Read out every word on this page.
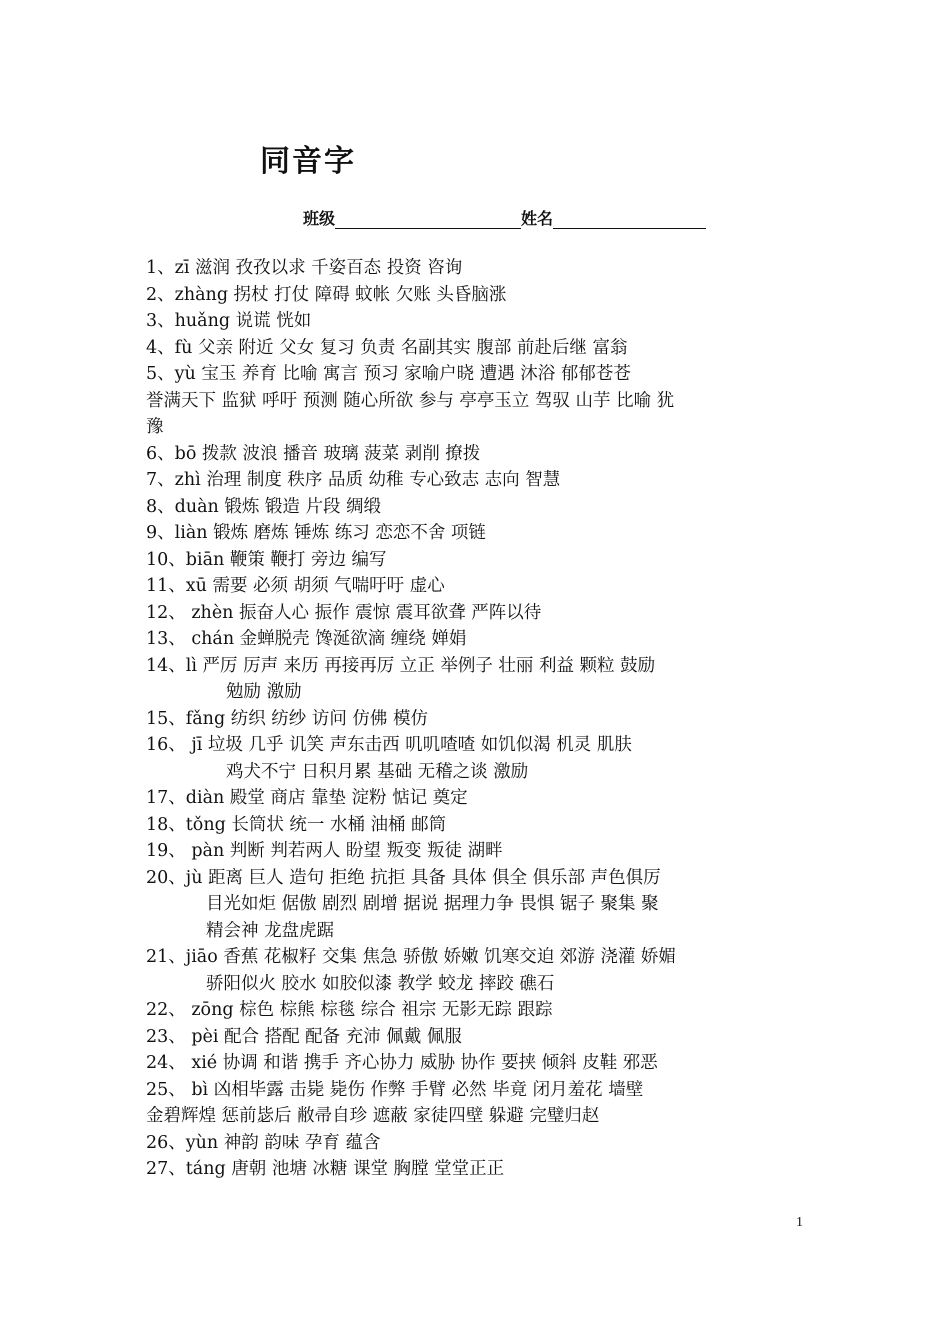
同音字
班级	姓名
1、zī 滋润 孜孜以求 千姿百态 投资 咨询
2、zhàng 拐杖 打仗 障碍 蚊帐 欠账 头昏脑涨
3、huǎng 说谎 恍如
4、fù 父亲 附近 父女 复习 负责 名副其实 腹部 前赴后继 富翁
5、yù 宝玉 养育 比喻 寓言 预习 家喻户晓 遭遇 沐浴 郁郁苍苍
誉满天下 监狱 呼吁 预测 随心所欲 参与 亭亭玉立 驾驭 山芋 比喻 犹
豫
6、bō 拨款 波浪 播音 玻璃 菠菜 剥削 撩拨
7、zhì 治理 制度 秩序 品质 幼稚 专心致志 志向 智慧
8、duàn 锻炼 锻造 片段 绸缎
9、liàn 锻炼 磨炼 锤炼 练习 恋恋不舍 项链
10、biān 鞭策 鞭打 旁边 编写
11、xū 需要 必须 胡须 气喘吁吁 虚心
12、 zhèn 振奋人心 振作 震惊 震耳欲聋 严阵以待
13、 chán 金蝉脱壳 馋涎欲滴 缠绕 婵娟
14、lì 严厉 厉声 来历 再接再厉 立正 举例子 壮丽 利益 颗粒 鼓励
勉励 激励
15、fǎng 纺织 纺纱 访问 仿佛 模仿
16、 jī 垃圾 几乎 讥笑 声东击西 叽叽喳喳 如饥似渴 机灵 肌肤
鸡犬不宁 日积月累 基础 无稽之谈 激励
17、diàn 殿堂 商店 靠垫 淀粉 惦记 奠定
18、tǒng 长筒状 统一 水桶 油桶 邮筒
19、 pàn 判断 判若两人 盼望 叛变 叛徒 湖畔
20、jù 距离 巨人 造句 拒绝 抗拒 具备 具体 俱全 俱乐部 声色俱厉
目光如炬 倨傲 剧烈 剧增 据说 据理力争 畏惧 锯子 聚集 聚
精会神 龙盘虎踞
21、jiāo 香蕉 花椒籽 交集 焦急 骄傲 娇嫩 饥寒交迫 郊游 浇灌 娇媚
骄阳似火 胶水 如胶似漆 教学 蛟龙 摔跤 礁石
22、 zōng 棕色 棕熊 棕毯 综合 祖宗 无影无踪 跟踪
23、 pèi 配合 搭配 配备 充沛 佩戴 佩服
24、 xié 协调 和谐 携手 齐心协力 威胁 协作 要挟 倾斜 皮鞋 邪恶
25、 bì 凶相毕露 击毙 毙伤 作弊 手臂 必然 毕竟 闭月羞花 墙壁
金碧辉煌 惩前毖后 敝帚自珍 遮蔽 家徒四壁 躲避 完璧归赵
26、yùn 神韵 韵味 孕育 蕴含
27、táng 唐朝 池塘 冰糖 课堂 胸膛 堂堂正正
1
